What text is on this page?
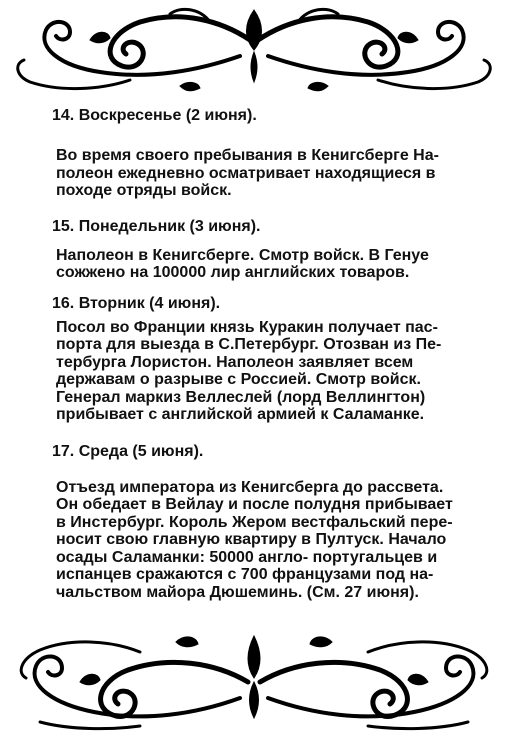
14. Воскресенье (2 июня).

Во время своего пребывания в Кенигсберге На-

полеон ежедневно осматривает находящиеся в

походе отряды войск.

15. Понедельник (3 июня).

Наполеон в Кенигсберге. Смотр войск. В Генуе

сожжено на 100000 лир английских товаров.

16. Вторник (4 июня).

Посол во Франции князь Куракин получает пас-

порта для выезда в С.Петербург. Отозван из Пе-

тербурга Лористон. Наполеон заявляет всем

державам о разрыве с Россией. Смотр войск.

Генерал маркиз Веллеслей (лорд Веллингтон)

прибывает с английской армией к Саламанке.

17. Среда (5 июня).

Отъезд императора из Кенигсберга до рассвета.

Он обедает в Вейлау и после полудня прибывает

в Инстербург. Король Жером вестфальский пере-

носит свою главную квартиру в Пултуск. Начало

осады Саламанки: 50000 англо- португальцев и

испанцев сражаются с 700 французами под на-

чальством майора Дюшеминь. (См. 27 июня).
